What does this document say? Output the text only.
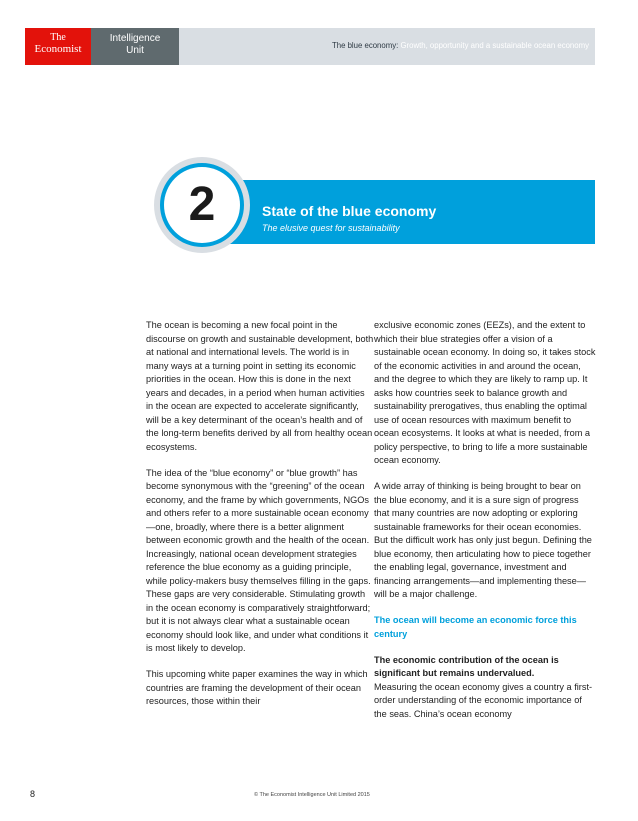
The
Economist
Intelligence
Unit	The blue economy: Growth, opportunity and a sustainable ocean economy
2	State of the blue economy
The elusive quest for sustainability

The ocean is becoming a new focal point in the discourse on growth and sustainable development, both at national and international levels. The world is in many ways at a turning point in setting its economic priorities in the ocean. How this is done in the next years and decades, in a period when human activities in the ocean are expected to accelerate significantly, will be a key determinant of the ocean’s health and of the long-term benefits derived by all from healthy ocean ecosystems.

The idea of the “blue economy” or “blue growth” has become synonymous with the “greening” of the ocean economy, and the frame by which governments, NGOs and others refer to a more sustainable ocean economy—one, broadly, where there is a better alignment between economic growth and the health of the ocean. Increasingly, national ocean development strategies reference the blue economy as a guiding principle, while policy-makers busy themselves filling in the gaps. These gaps are very considerable. Stimulating growth in the ocean economy is comparatively straightforward; but it is not always clear what a sustainable ocean economy should look like, and under what conditions it is most likely to develop.

This upcoming white paper examines the way in which countries are framing the development of their ocean resources, those within their

exclusive economic zones (EEZs), and the extent to which their blue strategies offer a vision of a sustainable ocean economy. In doing so, it takes stock of the economic activities in and around the ocean, and the degree to which they are likely to ramp up. It asks how countries seek to balance growth and sustainability prerogatives, thus enabling the optimal use of ocean resources with maximum benefit to ocean ecosystems. It looks at what is needed, from a policy perspective, to bring to life a more sustainable ocean economy.

A wide array of thinking is being brought to bear on the blue economy, and it is a sure sign of progress that many countries are now adopting or exploring sustainable frameworks for their ocean economies. But the difficult work has only just begun. Defining the blue economy, then articulating how to piece together the enabling legal, governance, investment and financing arrangements—and implementing these—will be a major challenge.

The ocean will become an economic force this century

The economic contribution of the ocean is significant but remains undervalued.
Measuring the ocean economy gives a country a first-order understanding of the economic importance of the seas. China’s ocean economy

8	© The Economist Intelligence Unit Limited 2015
